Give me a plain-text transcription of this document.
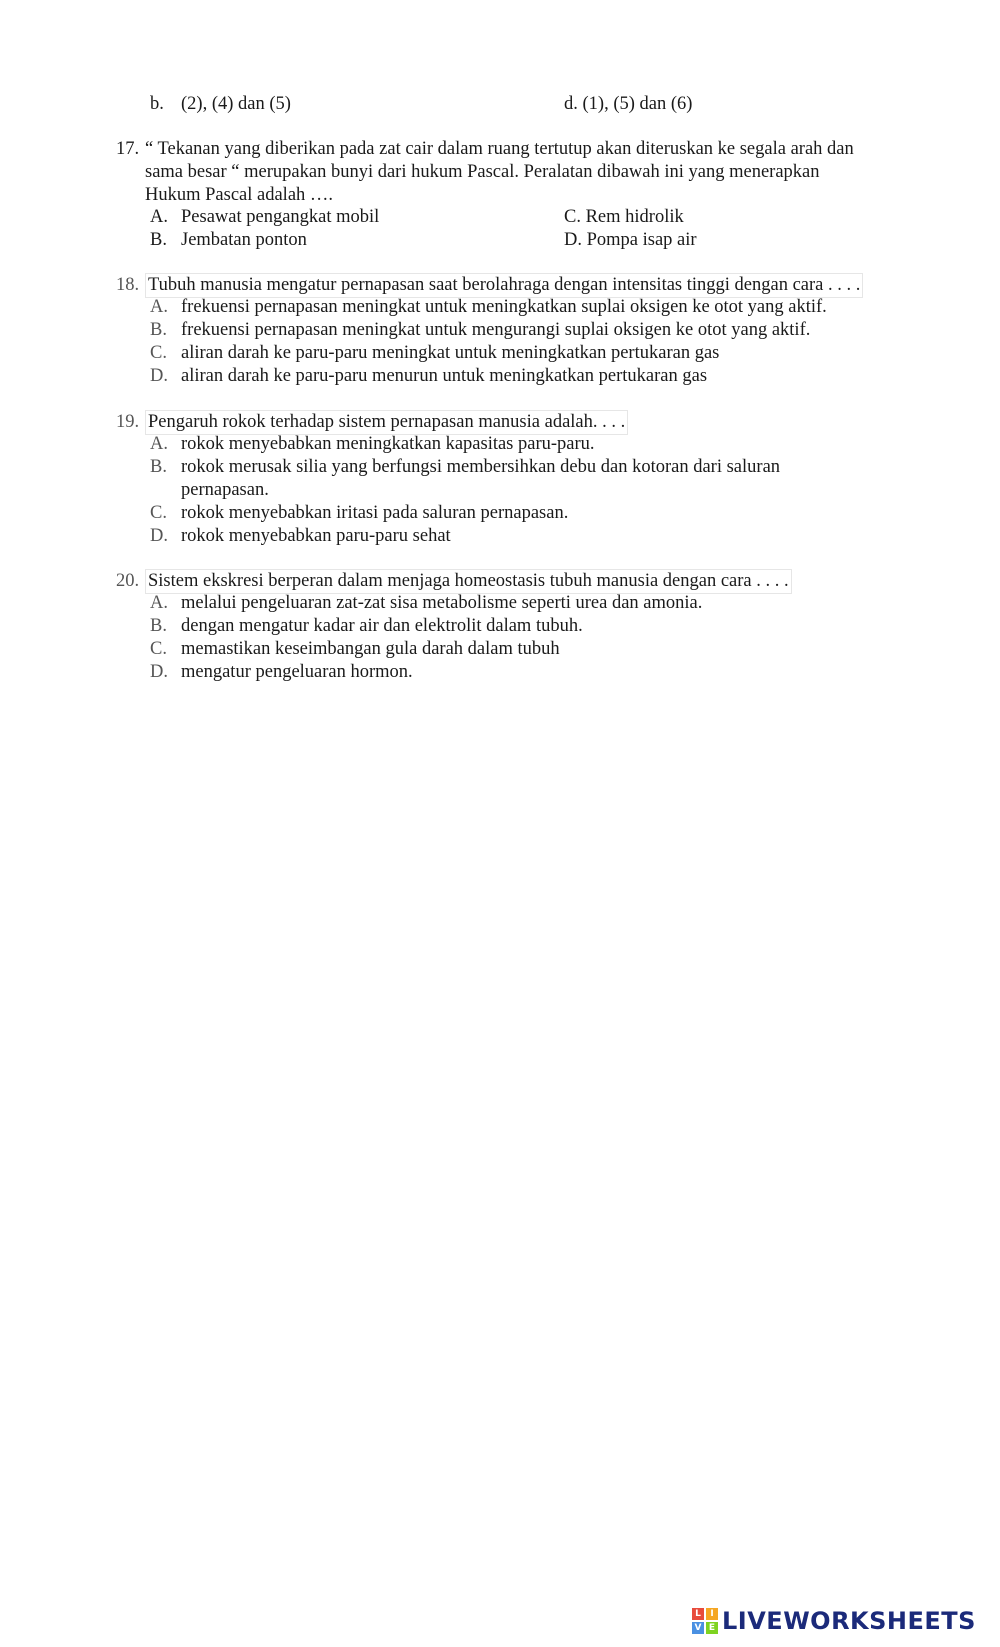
b. (2), (4) dan (5)	d. (1), (5) dan (6)
17. “ Tekanan yang diberikan pada zat cair dalam ruang tertutup akan diteruskan ke segala arah dan
sama besar “ merupakan bunyi dari hukum Pascal. Peralatan dibawah ini yang menerapkan
Hukum Pascal adalah ….
A. Pesawat pengangkat mobil	C. Rem hidrolik
B. Jembatan ponton	D. Pompa isap air
18. Tubuh manusia mengatur pernapasan saat berolahraga dengan intensitas tinggi dengan cara . . . .
A. frekuensi pernapasan meningkat untuk meningkatkan suplai oksigen ke otot yang aktif.
B. frekuensi pernapasan meningkat untuk mengurangi suplai oksigen ke otot yang aktif.
C. aliran darah ke paru-paru meningkat untuk meningkatkan pertukaran gas
D. aliran darah ke paru-paru menurun untuk meningkatkan pertukaran gas
19. Pengaruh rokok terhadap sistem pernapasan manusia adalah. . . .
A. rokok menyebabkan meningkatkan kapasitas paru-paru.
B. rokok merusak silia yang berfungsi membersihkan debu dan kotoran dari saluran
pernapasan.
C. rokok menyebabkan iritasi pada saluran pernapasan.
D. rokok menyebabkan paru-paru sehat
20. Sistem ekskresi berperan dalam menjaga homeostasis tubuh manusia dengan cara . . . .
A. melalui pengeluaran zat-zat sisa metabolisme seperti urea dan amonia.
B. dengan mengatur kadar air dan elektrolit dalam tubuh.
C. memastikan keseimbangan gula darah dalam tubuh
D. mengatur pengeluaran hormon.
L	I
V E LIVEWORKSHEETS
